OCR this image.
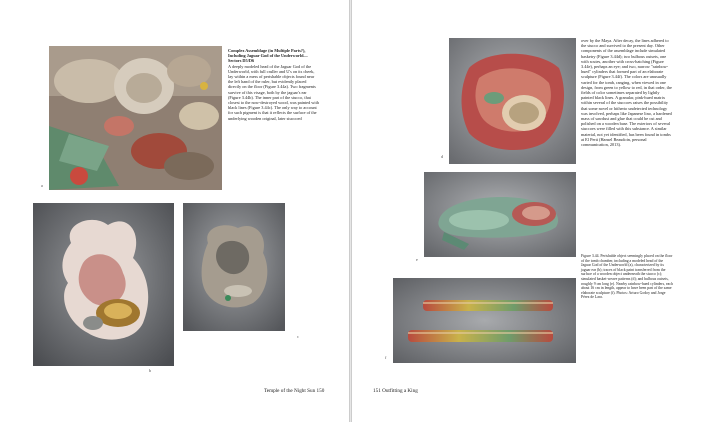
a

Complex Assemblage (in Multiple Parts?), Including Jaguar God of the Underworld—Sectors D5/D6

A deeply modeled head of the Jaguar God of the Underworld, with full cruller and U's on its cheek, lay within a mess of perishable objects found near the left hand of the ruler, but evidently placed directly on the floor (Figure 3.44a). Two fragments survive of this visage, both by the jaguar's ear (Figure 3.44b). The inner part of the stucco, that closest to the now-destroyed wood, was painted with black lines (Figure 3.44c). The only way to account for such pigment is that it reflects the surface of the underlying wooden original, later stuccoed

b
c
Temple of the Night Sun 150
d

over by the Maya. After decay, the lines adhered to the stucco and survived to the present day. Other components of the assemblage include simulated basketry (Figure 3.44d); two bulbous outsets, one with scutes, another with cross-hatching (Figure 3.44e), perhaps an eye; and two, narrow "rainbow-hued" cylinders that formed part of an elaborate sculpture (Figure 3.44f). The colors are unusually varied for the tomb, ranging, when viewed in one design, from green to yellow to red, in that order, the fields of color sometimes separated by lightly painted black lines. A granular, pink-hued matrix within several of the stuccoes raises the possibility that some novel or hitherto undetected technology was involved, perhaps like Japanese lino, a hardened mass of sawdust and glue that could be cut and polished on a wooden base. The exteriors of several stuccoes were filled with this substance. A similar material, not yet identified, has been found in tombs at El Perú (Hansel Beaudoin, personal communication, 2013).

e

Figure 3.44. Perishable object seemingly placed on the floor of the tomb chamber, including a modeled head of the Jaguar God of the Underworld (a), characterized by its jaguar ear (b); traces of black paint transferred from the surface of a wooden object underneath the stucco (c); simulated basket-weave patterns (d); and bulbous outsets, roughly 9 cm long (e). Nearby rainbow-hued cylinders, each about 16 cm in length, appear to have been part of the same elaborate sculpture (f). Photos: Arturo Godoy and Jorge Pérez de Lara.

f
151 Outfitting a King
